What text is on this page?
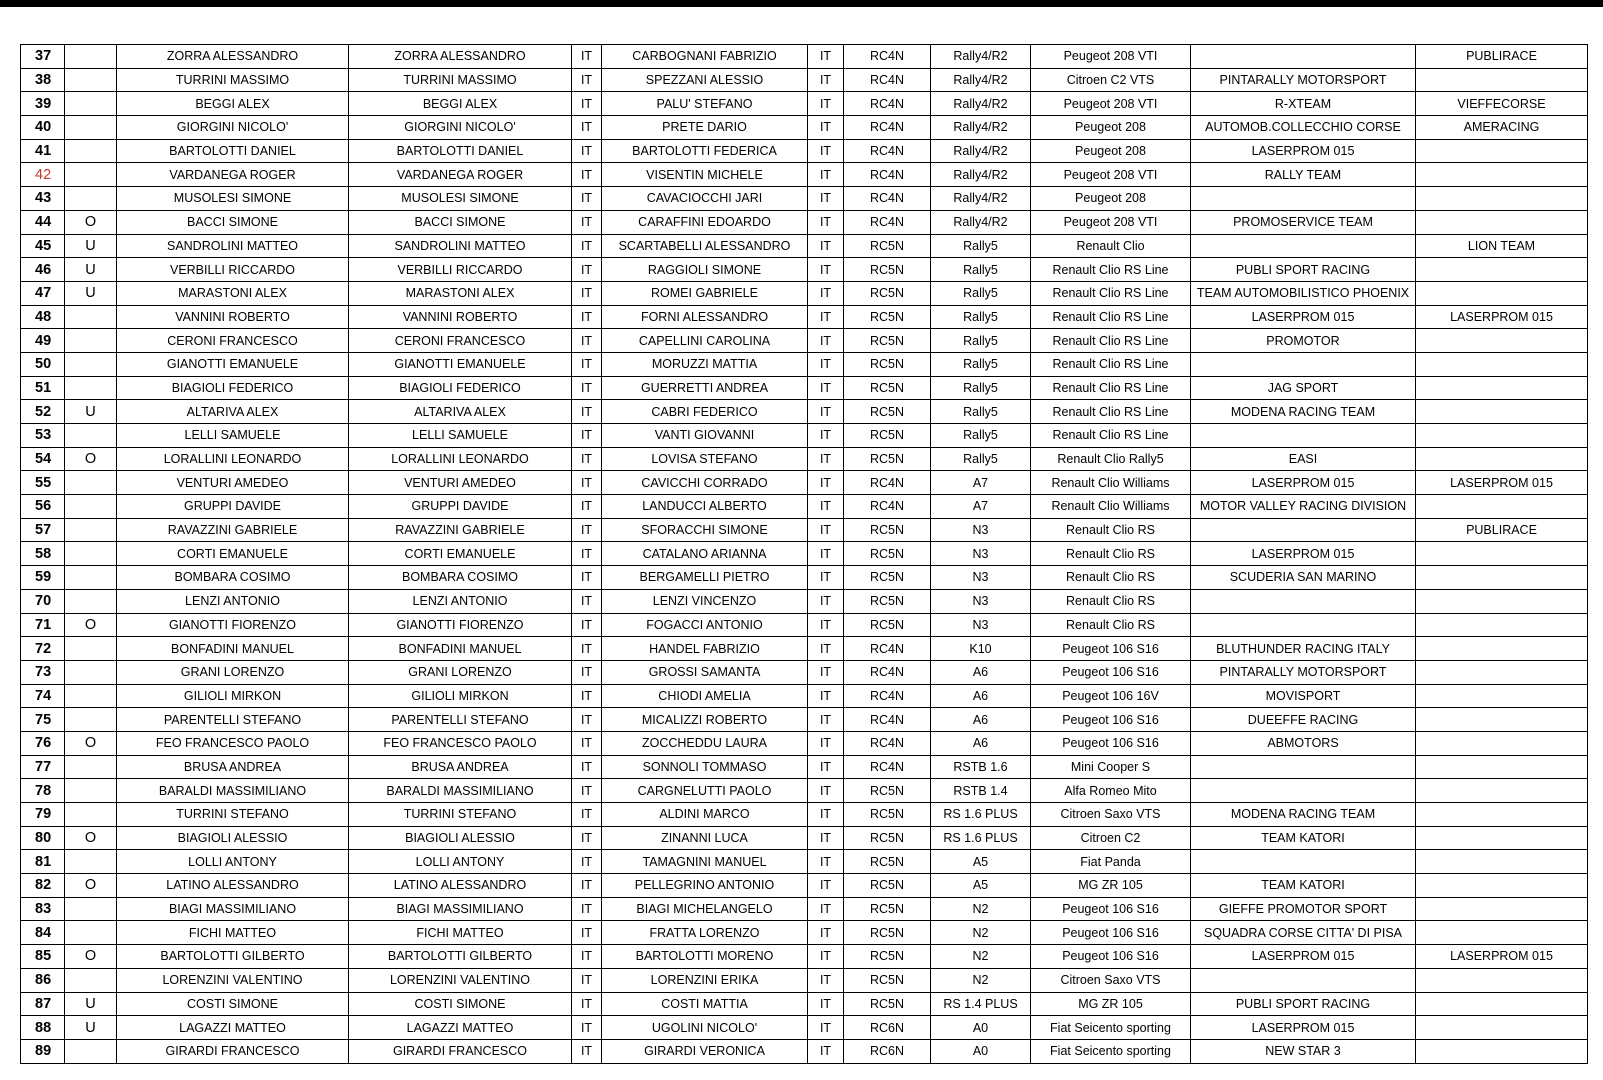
37		ZORRA ALESSANDRO	ZORRA ALESSANDRO	IT	CARBOGNANI FABRIZIO	IT	RC4N	Rally4/R2	Peugeot 208 VTI		PUBLIRACE
38		TURRINI MASSIMO	TURRINI MASSIMO	IT	SPEZZANI ALESSIO	IT	RC4N	Rally4/R2	Citroen C2 VTS	PINTARALLY MOTORSPORT	
39		BEGGI ALEX	BEGGI ALEX	IT	PALU' STEFANO	IT	RC4N	Rally4/R2	Peugeot 208 VTI	R-XTEAM	VIEFFECORSE
40		GIORGINI NICOLO'	GIORGINI NICOLO'	IT	PRETE DARIO	IT	RC4N	Rally4/R2	Peugeot 208	AUTOMOB.COLLECCHIO CORSE	AMERACING
41		BARTOLOTTI DANIEL	BARTOLOTTI DANIEL	IT	BARTOLOTTI FEDERICA	IT	RC4N	Rally4/R2	Peugeot 208	LASERPROM 015	
42		VARDANEGA ROGER	VARDANEGA ROGER	IT	VISENTIN MICHELE	IT	RC4N	Rally4/R2	Peugeot 208 VTI	RALLY TEAM	
43		MUSOLESI SIMONE	MUSOLESI SIMONE	IT	CAVACIOCCHI JARI	IT	RC4N	Rally4/R2	Peugeot 208		
44	O	BACCI SIMONE	BACCI SIMONE	IT	CARAFFINI EDOARDO	IT	RC4N	Rally4/R2	Peugeot 208 VTI	PROMOSERVICE TEAM	
45	U	SANDROLINI MATTEO	SANDROLINI MATTEO	IT	SCARTABELLI ALESSANDRO	IT	RC5N	Rally5	Renault Clio		LION TEAM
46	U	VERBILLI RICCARDO	VERBILLI RICCARDO	IT	RAGGIOLI SIMONE	IT	RC5N	Rally5	Renault Clio RS Line	PUBLI SPORT RACING	
47	U	MARASTONI ALEX	MARASTONI ALEX	IT	ROMEI GABRIELE	IT	RC5N	Rally5	Renault Clio RS Line	TEAM AUTOMOBILISTICO PHOENIX	
48		VANNINI ROBERTO	VANNINI ROBERTO	IT	FORNI ALESSANDRO	IT	RC5N	Rally5	Renault Clio RS Line	LASERPROM 015	LASERPROM 015
49		CERONI FRANCESCO	CERONI FRANCESCO	IT	CAPELLINI CAROLINA	IT	RC5N	Rally5	Renault Clio RS Line	PROMOTOR	
50		GIANOTTI EMANUELE	GIANOTTI EMANUELE	IT	MORUZZI MATTIA	IT	RC5N	Rally5	Renault Clio RS Line		
51		BIAGIOLI FEDERICO	BIAGIOLI FEDERICO	IT	GUERRETTI ANDREA	IT	RC5N	Rally5	Renault Clio RS Line	JAG SPORT	
52	U	ALTARIVA ALEX	ALTARIVA ALEX	IT	CABRI FEDERICO	IT	RC5N	Rally5	Renault Clio RS Line	MODENA RACING TEAM	
53		LELLI SAMUELE	LELLI SAMUELE	IT	VANTI GIOVANNI	IT	RC5N	Rally5	Renault Clio RS Line		
54	O	LORALLINI LEONARDO	LORALLINI LEONARDO	IT	LOVISA STEFANO	IT	RC5N	Rally5	Renault Clio Rally5	EASI	
55		VENTURI AMEDEO	VENTURI AMEDEO	IT	CAVICCHI CORRADO	IT	RC4N	A7	Renault Clio Williams	LASERPROM 015	LASERPROM 015
56		GRUPPI DAVIDE	GRUPPI DAVIDE	IT	LANDUCCI ALBERTO	IT	RC4N	A7	Renault Clio Williams	MOTOR VALLEY RACING DIVISION	
57		RAVAZZINI GABRIELE	RAVAZZINI GABRIELE	IT	SFORACCHI SIMONE	IT	RC5N	N3	Renault Clio RS		PUBLIRACE
58		CORTI EMANUELE	CORTI EMANUELE	IT	CATALANO ARIANNA	IT	RC5N	N3	Renault Clio RS	LASERPROM 015	
59		BOMBARA COSIMO	BOMBARA COSIMO	IT	BERGAMELLI PIETRO	IT	RC5N	N3	Renault Clio RS	SCUDERIA SAN MARINO	
70		LENZI ANTONIO	LENZI ANTONIO	IT	LENZI VINCENZO	IT	RC5N	N3	Renault Clio RS		
71	O	GIANOTTI FIORENZO	GIANOTTI FIORENZO	IT	FOGACCI ANTONIO	IT	RC5N	N3	Renault Clio RS		
72		BONFADINI MANUEL	BONFADINI MANUEL	IT	HANDEL FABRIZIO	IT	RC4N	K10	Peugeot 106 S16	BLUTHUNDER RACING ITALY	
73		GRANI LORENZO	GRANI LORENZO	IT	GROSSI SAMANTA	IT	RC4N	A6	Peugeot 106 S16	PINTARALLY MOTORSPORT	
74		GILIOLI MIRKON	GILIOLI MIRKON	IT	CHIODI AMELIA	IT	RC4N	A6	Peugeot 106 16V	MOVISPORT	
75		PARENTELLI STEFANO	PARENTELLI STEFANO	IT	MICALIZZI ROBERTO	IT	RC4N	A6	Peugeot 106 S16	DUEEFFE RACING	
76	O	FEO FRANCESCO PAOLO	FEO FRANCESCO PAOLO	IT	ZOCCHEDDU LAURA	IT	RC4N	A6	Peugeot 106 S16	ABMOTORS	
77		BRUSA ANDREA	BRUSA ANDREA	IT	SONNOLI TOMMASO	IT	RC4N	RSTB 1.6	Mini Cooper S		
78		BARALDI MASSIMILIANO	BARALDI MASSIMILIANO	IT	CARGNELUTTI PAOLO	IT	RC5N	RSTB 1.4	Alfa Romeo Mito		
79		TURRINI STEFANO	TURRINI STEFANO	IT	ALDINI MARCO	IT	RC5N	RS 1.6 PLUS	Citroen Saxo VTS	MODENA RACING TEAM	
80	O	BIAGIOLI ALESSIO	BIAGIOLI ALESSIO	IT	ZINANNI LUCA	IT	RC5N	RS 1.6 PLUS	Citroen C2	TEAM KATORI	
81		LOLLI ANTONY	LOLLI ANTONY	IT	TAMAGNINI MANUEL	IT	RC5N	A5	Fiat Panda		
82	O	LATINO ALESSANDRO	LATINO ALESSANDRO	IT	PELLEGRINO ANTONIO	IT	RC5N	A5	MG ZR 105	TEAM KATORI	
83		BIAGI MASSIMILIANO	BIAGI MASSIMILIANO	IT	BIAGI MICHELANGELO	IT	RC5N	N2	Peugeot 106 S16	GIEFFE PROMOTOR SPORT	
84		FICHI MATTEO	FICHI MATTEO	IT	FRATTA LORENZO	IT	RC5N	N2	Peugeot 106 S16	SQUADRA CORSE CITTA' DI PISA	
85	O	BARTOLOTTI GILBERTO	BARTOLOTTI GILBERTO	IT	BARTOLOTTI MORENO	IT	RC5N	N2	Peugeot 106 S16	LASERPROM 015	LASERPROM 015
86		LORENZINI VALENTINO	LORENZINI VALENTINO	IT	LORENZINI ERIKA	IT	RC5N	N2	Citroen Saxo VTS		
87	U	COSTI SIMONE	COSTI SIMONE	IT	COSTI MATTIA	IT	RC5N	RS 1.4 PLUS	MG ZR 105	PUBLI SPORT RACING	
88	U	LAGAZZI MATTEO	LAGAZZI MATTEO	IT	UGOLINI NICOLO'	IT	RC6N	A0	Fiat Seicento sporting	LASERPROM 015	
89		GIRARDI FRANCESCO	GIRARDI FRANCESCO	IT	GIRARDI VERONICA	IT	RC6N	A0	Fiat Seicento sporting	NEW STAR 3	
